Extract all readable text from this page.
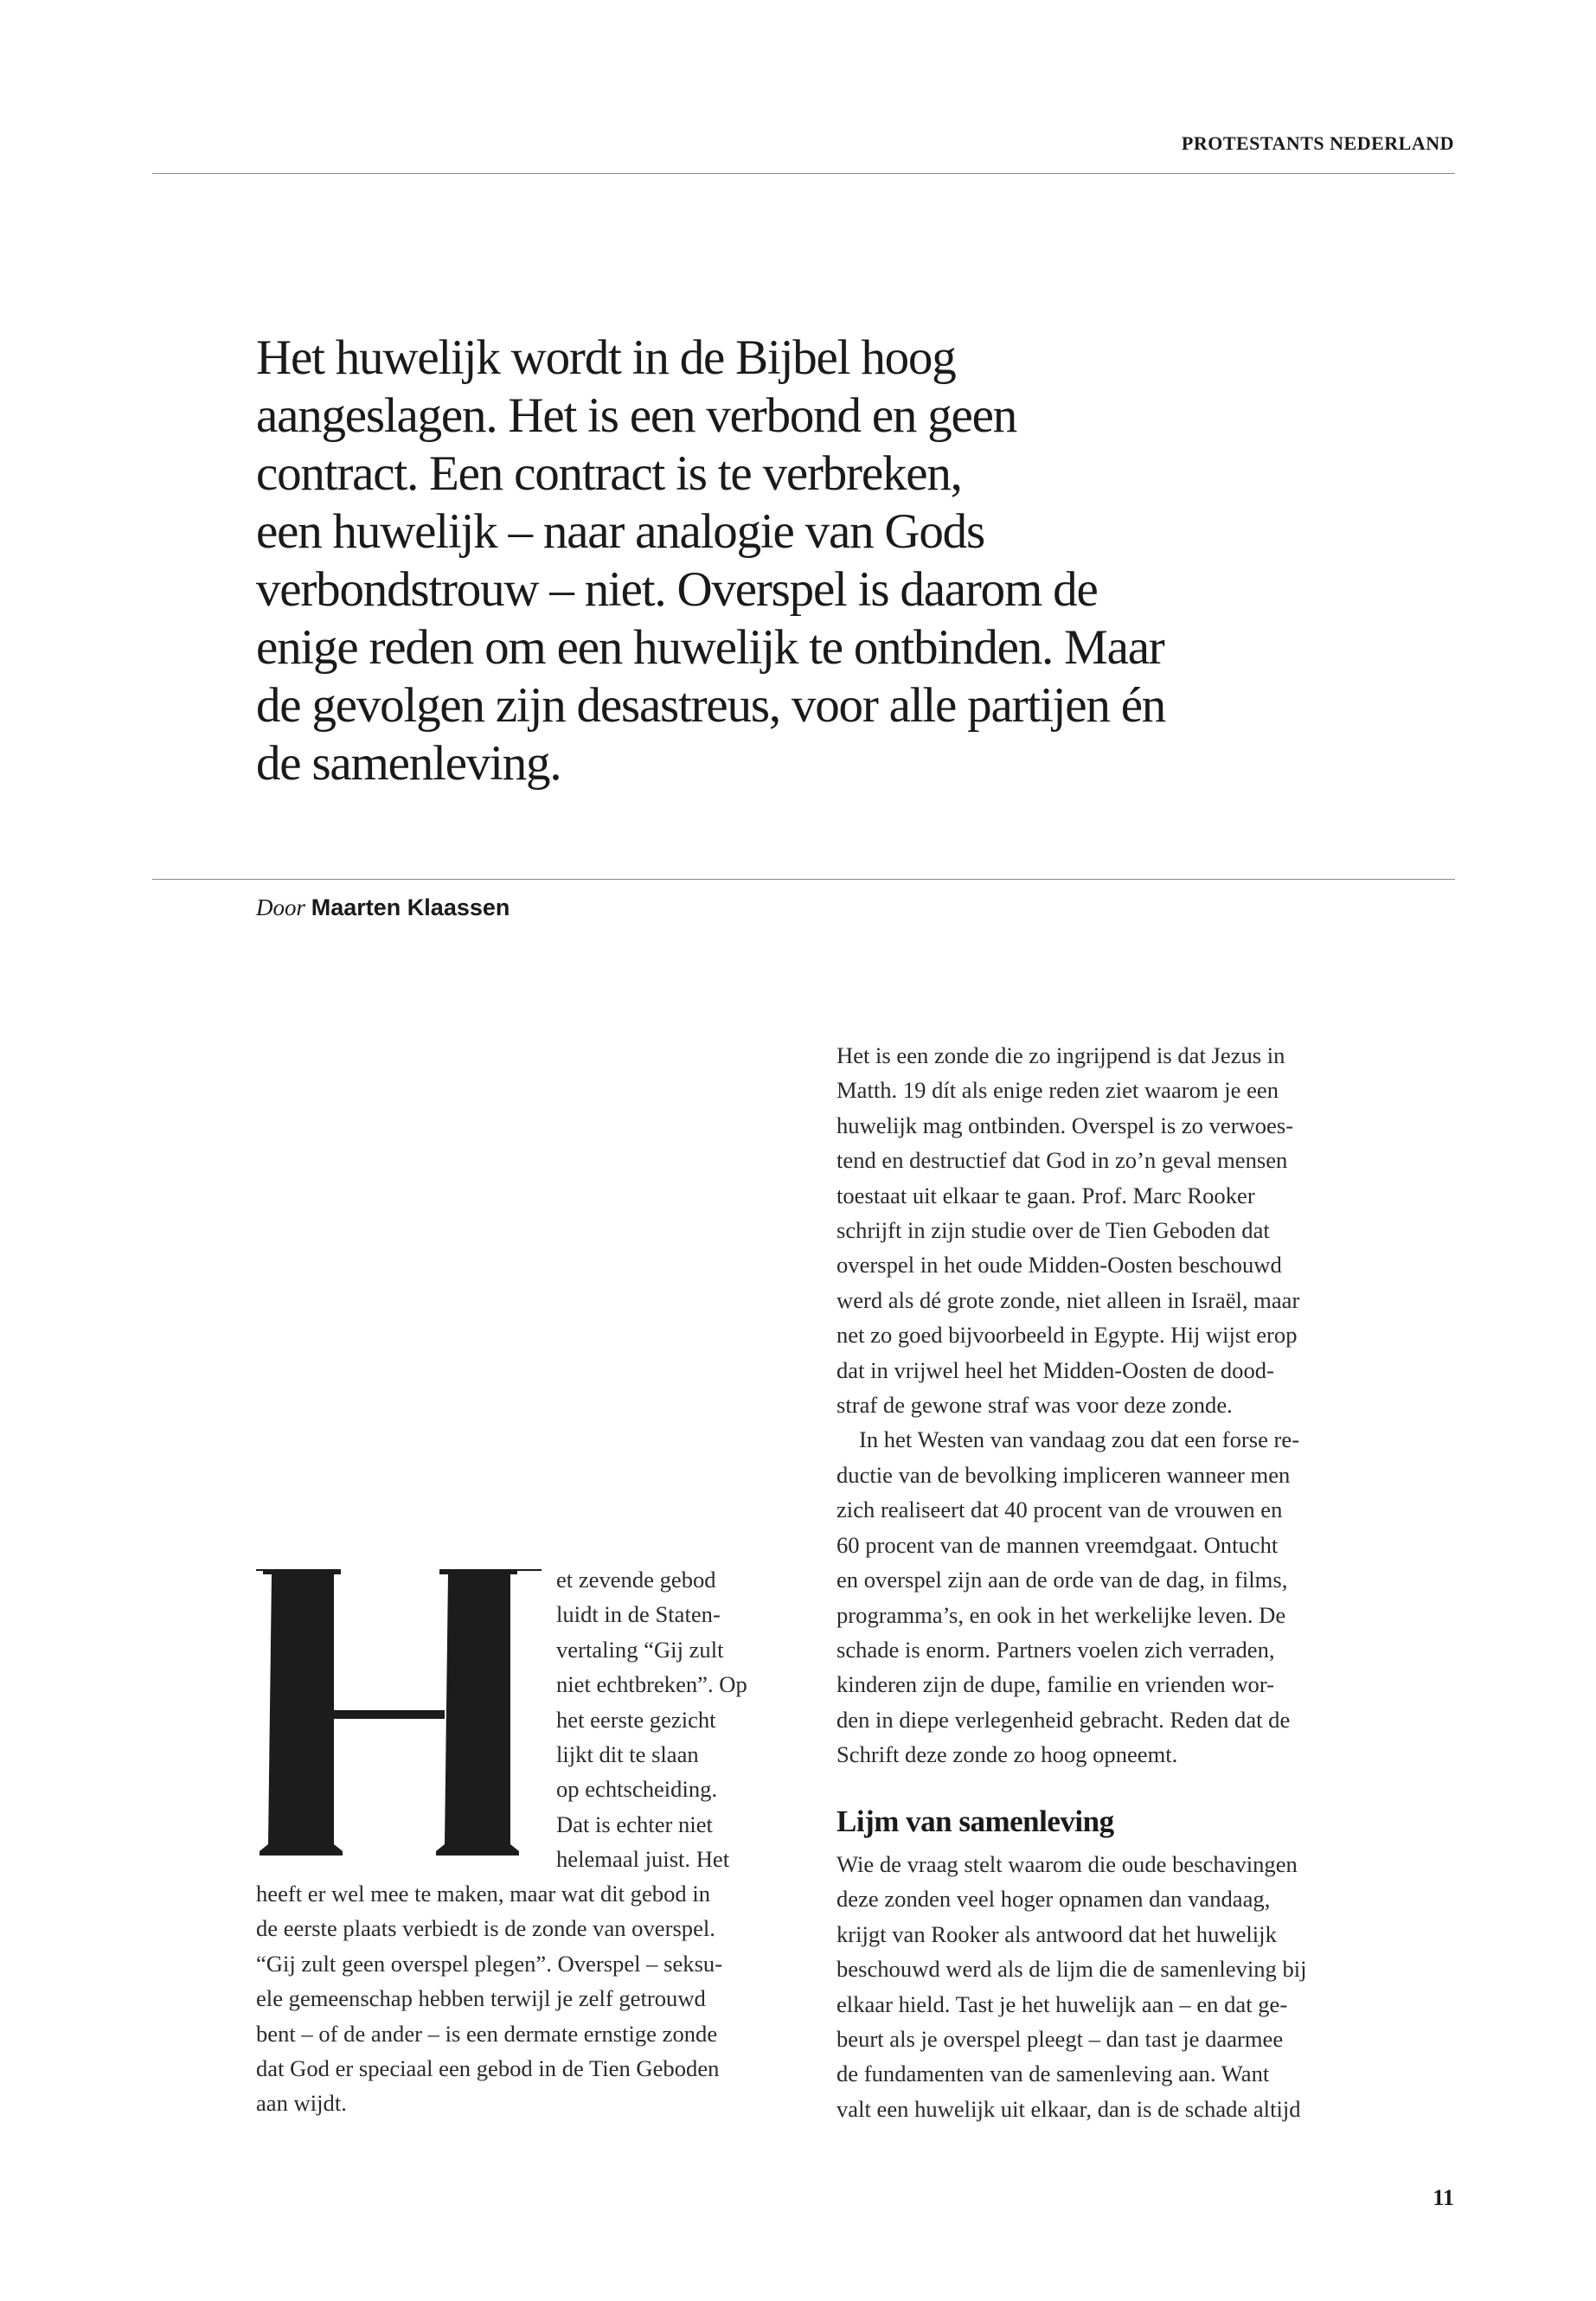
PROTESTANTS NEDERLAND

Het huwelijk wordt in de Bijbel hoog
aangeslagen. Het is een verbond en geen
contract. Een contract is te verbreken,
een huwelijk – naar analogie van Gods
verbondstrouw – niet. Overspel is daarom de
enige reden om een huwelijk te ontbinden. Maar
de gevolgen zijn desastreus, voor alle partijen én
de samenleving.

Door Maarten Klaassen
et zevende gebod
luidt in de Staten-
vertaling “Gij zult
niet echtbreken”. Op
het eerste gezicht
lijkt dit te slaan
op echtscheiding.
Dat is echter niet
helemaal juist. Het
heeft er wel mee te maken, maar wat dit gebod in
de eerste plaats verbiedt is de zonde van overspel.
“Gij zult geen overspel plegen”. Overspel – seksu-
ele gemeenschap hebben terwijl je zelf getrouwd
bent – of de ander – is een dermate ernstige zonde
dat God er speciaal een gebod in de Tien Geboden
aan wijdt.
Het is een zonde die zo ingrijpend is dat Jezus in
Matth. 19 dít als enige reden ziet waarom je een
huwelijk mag ontbinden. Overspel is zo verwoes-
tend en destructief dat God in zo’n geval mensen
toestaat uit elkaar te gaan. Prof. Marc Rooker
schrijft in zijn studie over de Tien Geboden dat
overspel in het oude Midden-Oosten beschouwd
werd als dé grote zonde, niet alleen in Israël, maar
net zo goed bijvoorbeeld in Egypte. Hij wijst erop
dat in vrijwel heel het Midden-Oosten de dood-
straf de gewone straf was voor deze zonde.
In het Westen van vandaag zou dat een forse re-
ductie van de bevolking impliceren wanneer men
zich realiseert dat 40 procent van de vrouwen en
60 procent van de mannen vreemdgaat. Ontucht
en overspel zijn aan de orde van de dag, in films,
programma’s, en ook in het werkelijke leven. De
schade is enorm. Partners voelen zich verraden,
kinderen zijn de dupe, familie en vrienden wor-
den in diepe verlegenheid gebracht. Reden dat de
Schrift deze zonde zo hoog opneemt.
Lijm van samenleving
Wie de vraag stelt waarom die oude beschavingen
deze zonden veel hoger opnamen dan vandaag,
krijgt van Rooker als antwoord dat het huwelijk
beschouwd werd als de lijm die de samenleving bij
elkaar hield. Tast je het huwelijk aan – en dat ge-
beurt als je overspel pleegt – dan tast je daarmee
de fundamenten van de samenleving aan. Want
valt een huwelijk uit elkaar, dan is de schade altijd
11
